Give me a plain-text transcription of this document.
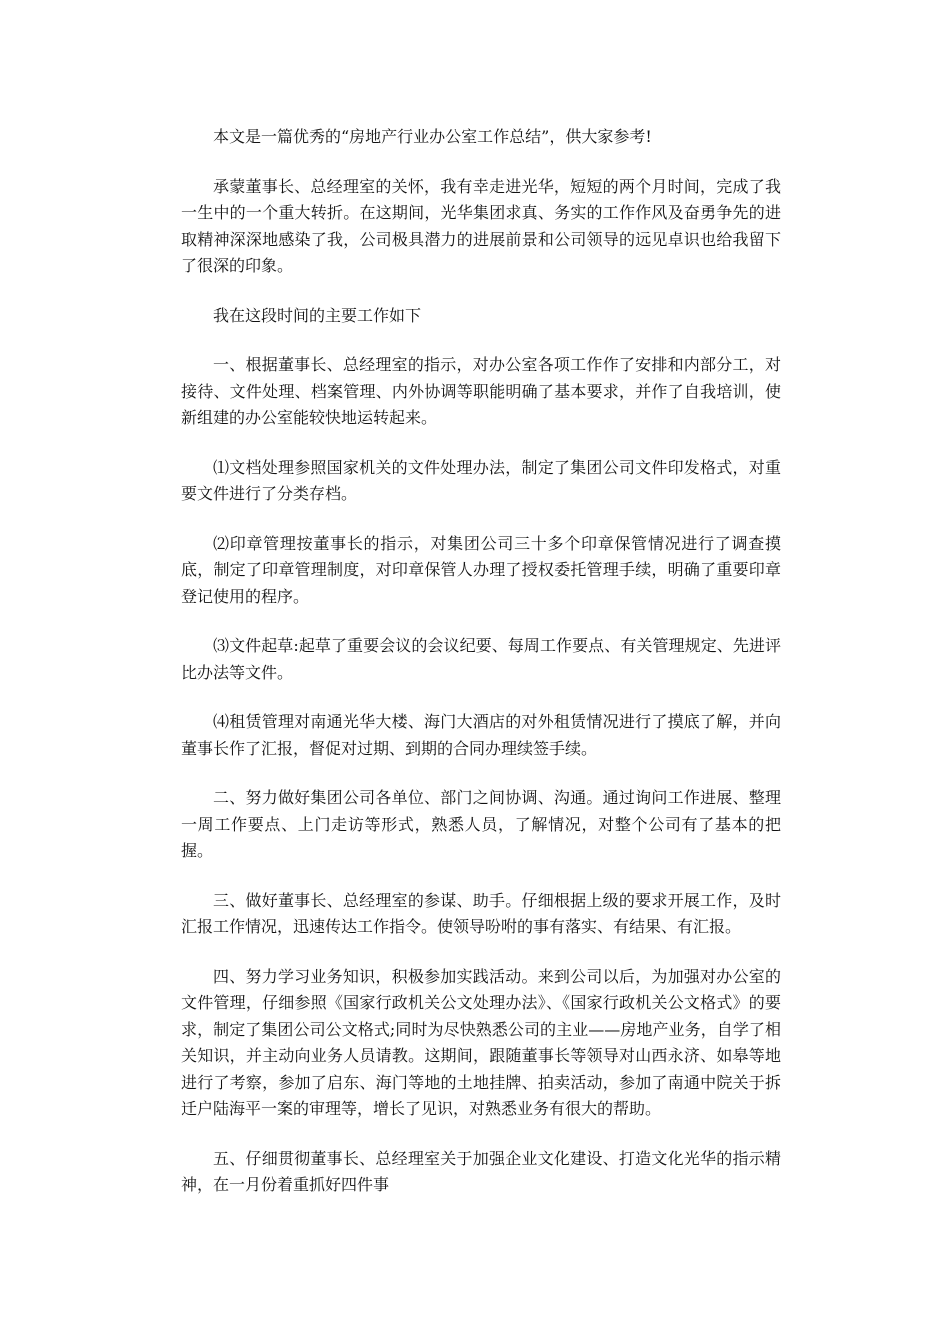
本文是一篇优秀的“房地产行业办公室工作总结”，供大家参考!

承蒙董事长、总经理室的关怀，我有幸走进光华，短短的两个月时间，完成了我一生中的一个重大转折。在这期间，光华集团求真、务实的工作作风及奋勇争先的进取精神深深地感染了我，公司极具潜力的进展前景和公司领导的远见卓识也给我留下了很深的印象。

我在这段时间的主要工作如下

一、根据董事长、总经理室的指示，对办公室各项工作作了安排和内部分工，对接待、文件处理、档案管理、内外协调等职能明确了基本要求，并作了自我培训，使新组建的办公室能较快地运转起来。

⑴文档处理参照国家机关的文件处理办法，制定了集团公司文件印发格式，对重要文件进行了分类存档。

⑵印章管理按董事长的指示，对集团公司三十多个印章保管情况进行了调查摸底，制定了印章管理制度，对印章保管人办理了授权委托管理手续，明确了重要印章登记使用的程序。

⑶文件起草:起草了重要会议的会议纪要、每周工作要点、有关管理规定、先进评比办法等文件。

⑷租赁管理对南通光华大楼、海门大酒店的对外租赁情况进行了摸底了解，并向董事长作了汇报，督促对过期、到期的合同办理续签手续。

二、努力做好集团公司各单位、部门之间协调、沟通。通过询问工作进展、整理一周工作要点、上门走访等形式，熟悉人员，了解情况，对整个公司有了基本的把握。

三、做好董事长、总经理室的参谋、助手。仔细根据上级的要求开展工作，及时汇报工作情况，迅速传达工作指令。使领导吩咐的事有落实、有结果、有汇报。

四、努力学习业务知识，积极参加实践活动。来到公司以后，为加强对办公室的文件管理，仔细参照《国家行政机关公文处理办法》、《国家行政机关公文格式》的要求，制定了集团公司公文格式;同时为尽快熟悉公司的主业——房地产业务，自学了相关知识，并主动向业务人员请教。这期间，跟随董事长等领导对山西永济、如皋等地进行了考察，参加了启东、海门等地的土地挂牌、拍卖活动，参加了南通中院关于拆迁户陆海平一案的审理等，增长了见识，对熟悉业务有很大的帮助。

五、仔细贯彻董事长、总经理室关于加强企业文化建设、打造文化光华的指示精神，在一月份着重抓好四件事
